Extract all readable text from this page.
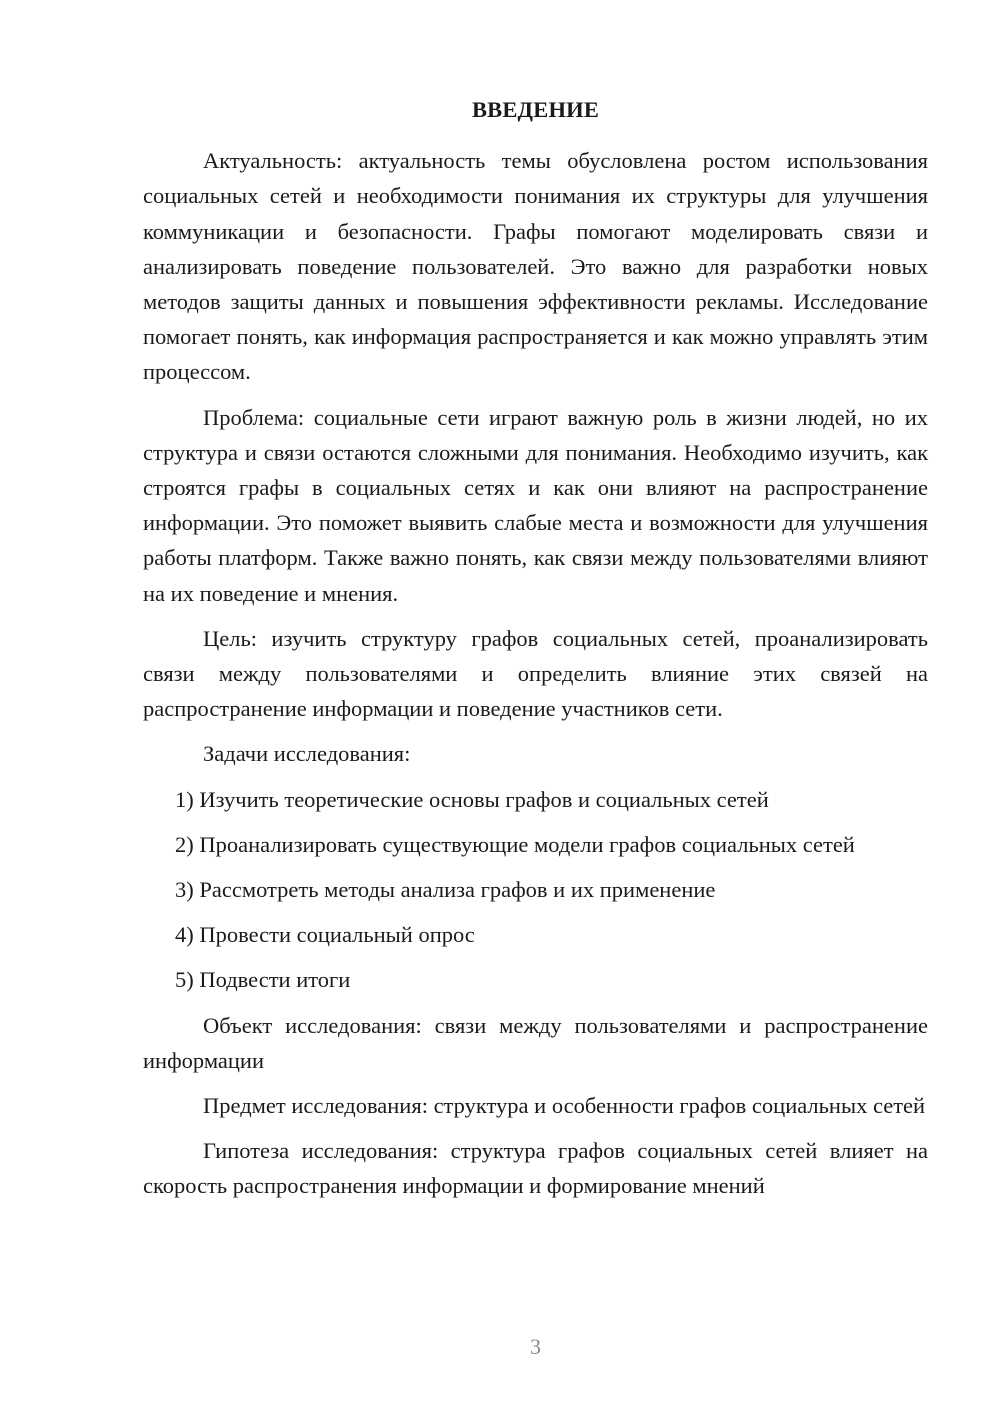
ВВЕДЕНИЕ

Актуальность: актуальность темы обусловлена ростом использования социальных сетей и необходимости понимания их структуры для улучшения коммуникации и безопасности. Графы помогают моделировать связи и анализировать поведение пользователей. Это важно для разработки новых методов защиты данных и повышения эффективности рекламы. Исследование помогает понять, как информация распространяется и как можно управлять этим процессом.

Проблема: социальные сети играют важную роль в жизни людей, но их структура и связи остаются сложными для понимания. Необходимо изучить, как строятся графы в социальных сетях и как они влияют на распространение информации. Это поможет выявить слабые места и возможности для улучшения работы платформ. Также важно понять, как связи между пользователями влияют на их поведение и мнения.

Цель: изучить структуру графов социальных сетей, проанализировать связи между пользователями и определить влияние этих связей на распространение информации и поведение участников сети.

Задачи исследования:

1) Изучить теоретические основы графов и социальных сетей
2) Проанализировать существующие модели графов социальных сетей
3) Рассмотреть методы анализа графов и их применение
4) Провести социальный опрос
5) Подвести итоги

Объект исследования: связи между пользователями и распространение информации

Предмет исследования: структура и особенности графов социальных сетей

Гипотеза исследования: структура графов социальных сетей влияет на скорость распространения информации и формирование мнений

3
